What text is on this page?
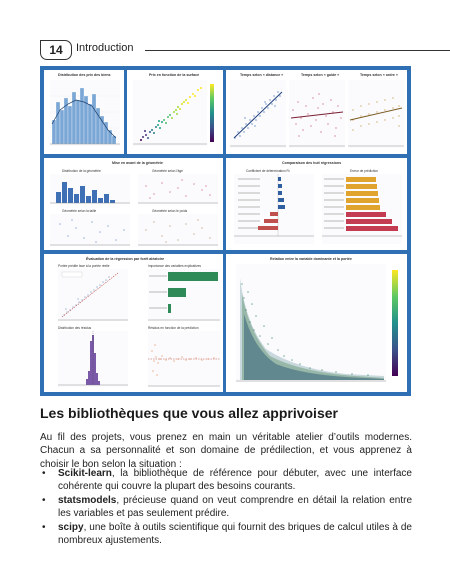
14	Introduction
Distribution des prix des biens	Prix en fonction de la surface	Temps selon « distance »	Temps selon « guide »	Temps selon « ordre »
Mise en avant de la géométrie
Distribution de la géométrie	Géométrie selon l'âge
Géométrie selon la taille	Géométrie selon le poids
Comparaison des huit régressions
Coefficient de détermination R²	Erreur de prédiction
Évaluation de la régression par forêt aléatoire
Portée prédite face à la portée réelle	Importance des variables explicatives
Distribution des résidus	Résidus en fonction de la prédiction
Relation entre la variable dominante et la portée
Les bibliothèques que vous allez apprivoiser
Au fil des projets, vous prenez en main un véritable atelier d’outils modernes. Chacun a sa personnalité et son domaine de prédilection, et vous apprenez à choisir le bon selon la situation :
• Scikit-learn, la bibliothèque de référence pour débuter, avec une interface cohérente qui couvre la plupart des besoins courants.
• statsmodels, précieuse quand on veut comprendre en détail la relation entre les variables et pas seulement prédire.
• scipy, une boîte à outils scientifique qui fournit des briques de calcul utiles à de nombreux ajustements.
